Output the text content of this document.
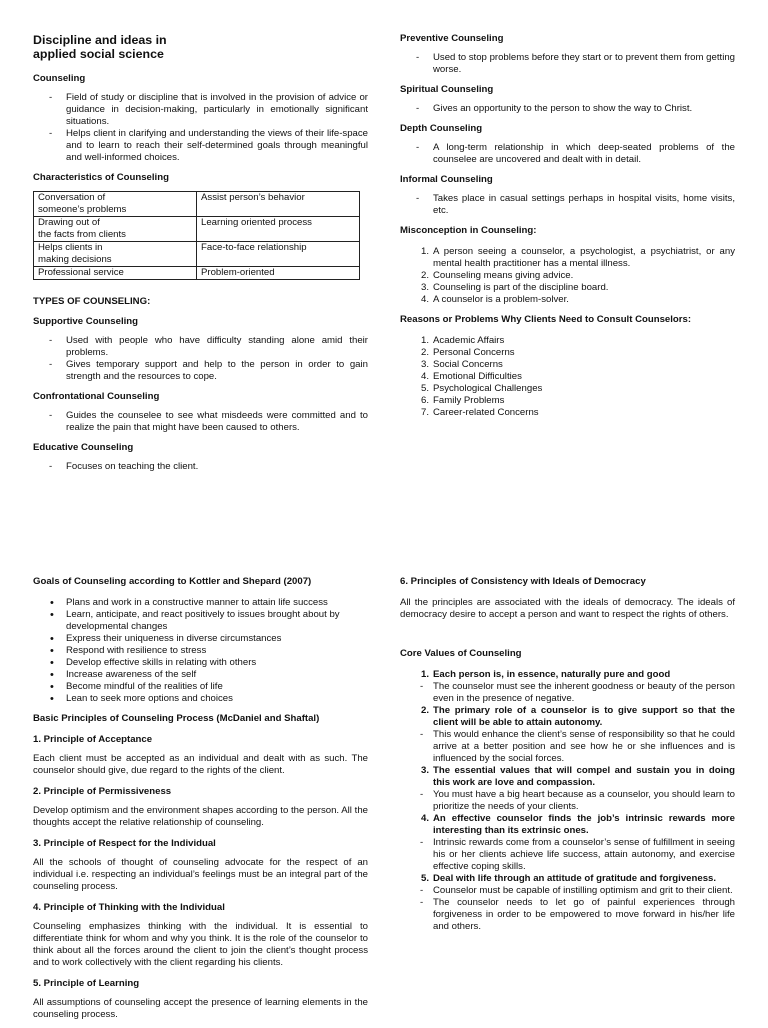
Discipline and ideas in
applied social science
Counseling
- Field of study or discipline that is involved in the provision of advice or guidance in decision-making, particularly in emotionally significant situations.
- Helps client in clarifying and understanding the views of their life-space and to learn to reach their self-determined goals through meaningful and well-informed choices.
Characteristics of Counseling
Conversation of
someone’s problems	Assist person’s behavior

Drawing out of
the facts from clients	Learning oriented process

Helps clients in
making decisions	Face-to-face relationship
Professional service	Problem-oriented
TYPES OF COUNSELING:
Supportive Counseling
- Used with people who have difficulty standing alone amid their problems.
- Gives temporary support and help to the person in order to gain strength and the resources to cope.
Confrontational Counseling
- Guides the counselee to see what misdeeds were committed and to realize the pain that might have been caused to others.
Educative Counseling
- Focuses on teaching the client.
Preventive Counseling
- Used to stop problems before they start or to prevent them from getting worse.
Spiritual Counseling
- Gives an opportunity to the person to show the way to Christ.
Depth Counseling
- A long-term relationship in which deep-seated problems of the counselee are uncovered and dealt with in detail.
Informal Counseling
- Takes place in casual settings perhaps in hospital visits, home visits, etc.
Misconception in Counseling:
1. A person seeing a counselor, a psychologist, a psychiatrist, or any mental health practitioner has a mental illness.
2. Counseling means giving advice.
3. Counseling is part of the discipline board.
4. A counselor is a problem-solver.
Reasons or Problems Why Clients Need to Consult Counselors:
1. Academic Affairs
2. Personal Concerns
3. Social Concerns
4. Emotional Difficulties
5. Psychological Challenges
6. Family Problems
7. Career-related Concerns
Goals of Counseling according to Kottler and Shepard (2007)
• Plans and work in a constructive manner to attain life success
• Learn, anticipate, and react positively to issues brought about by developmental changes
• Express their uniqueness in diverse circumstances
• Respond with resilience to stress
• Develop effective skills in relating with others
• Increase awareness of the self
• Become mindful of the realities of life
• Lean to seek more options and choices
Basic Principles of Counseling Process (McDaniel and Shaftal)
1. Principle of Acceptance

Each client must be accepted as an individual and dealt with as such. The counselor should give, due regard to the rights of the client.

2. Principle of Permissiveness

Develop optimism and the environment shapes according to the person. All the thoughts accept the relative relationship of counseling.

3. Principle of Respect for the Individual

All the schools of thought of counseling advocate for the respect of an individual i.e. respecting an individual’s feelings must be an integral part of the counseling process.

4. Principle of Thinking with the Individual

Counseling emphasizes thinking with the individual. It is essential to differentiate think for whom and why you think. It is the role of the counselor to think about all the forces around the client to join the client’s thought process and to work collectively with the client regarding his clients.

5. Principle of Learning

All assumptions of counseling accept the presence of learning elements in the counseling process.

6. Principles of Consistency with Ideals of Democracy

All the principles are associated with the ideals of democracy. The ideals of democracy desire to accept a person and want to respect the rights of others.

Core Values of Counseling
1. Each person is, in essence, naturally pure and good
- The counselor must see the inherent goodness or beauty of the person even in the presence of negative.
2. The primary role of a counselor is to give support so that the client will be able to attain autonomy.
- This would enhance the client’s sense of responsibility so that he could arrive at a better position and see how he or she influences and is influenced by the social forces.
3. The essential values that will compel and sustain you in doing this work are love and compassion.
- You must have a big heart because as a counselor, you should learn to prioritize the needs of your clients.
4. An effective counselor finds the job’s intrinsic rewards more interesting than its extrinsic ones.
- Intrinsic rewards come from a counselor’s sense of fulfillment in seeing his or her clients achieve life success, attain autonomy, and exercise effective coping skills.
5. Deal with life through an attitude of gratitude and forgiveness.
- Counselor must be capable of instilling optimism and grit to their client.
- The counselor needs to let go of painful experiences through forgiveness in order to be empowered to move forward in his/her life and others.
